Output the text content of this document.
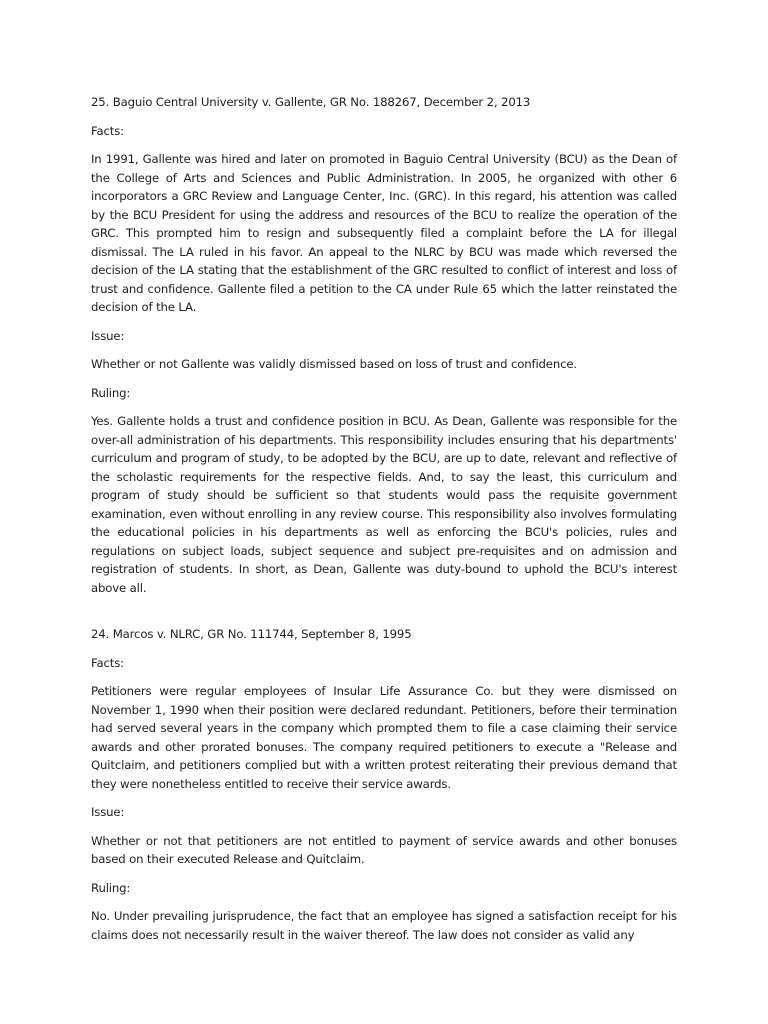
25. Baguio Central University v. Gallente, GR No. 188267, December 2, 2013

Facts:

In 1991, Gallente was hired and later on promoted in Baguio Central University (BCU) as the Dean of the College of Arts and Sciences and Public Administration. In 2005, he organized with other 6 incorporators a GRC Review and Language Center, Inc. (GRC). In this regard, his attention was called by the BCU President for using the address and resources of the BCU to realize the operation of the GRC. This prompted him to resign and subsequently filed a complaint before the LA for illegal dismissal. The LA ruled in his favor. An appeal to the NLRC by BCU was made which reversed the decision of the LA stating that the establishment of the GRC resulted to conflict of interest and loss of trust and confidence. Gallente filed a petition to the CA under Rule 65 which the latter reinstated the decision of the LA.

Issue:

Whether or not Gallente was validly dismissed based on loss of trust and confidence.

Ruling:

Yes. Gallente holds a trust and confidence position in BCU. As Dean, Gallente was responsible for the over-all administration of his departments. This responsibility includes ensuring that his departments' curriculum and program of study, to be adopted by the BCU, are up to date, relevant and reflective of the scholastic requirements for the respective fields. And, to say the least, this curriculum and program of study should be sufficient so that students would pass the requisite government examination, even without enrolling in any review course. This responsibility also involves formulating the educational policies in his departments as well as enforcing the BCU's policies, rules and regulations on subject loads, subject sequence and subject pre-requisites and on admission and registration of students. In short, as Dean, Gallente was duty-bound to uphold the BCU's interest above all.

24. Marcos v. NLRC, GR No. 111744, September 8, 1995

Facts:

Petitioners were regular employees of Insular Life Assurance Co. but they were dismissed on November 1, 1990 when their position were declared redundant. Petitioners, before their termination had served several years in the company which prompted them to file a case claiming their service awards and other prorated bonuses. The company required petitioners to execute a "Release and Quitclaim, and petitioners complied but with a written protest reiterating their previous demand that they were nonetheless entitled to receive their service awards.

Issue:

Whether or not that petitioners are not entitled to payment of service awards and other bonuses based on their executed Release and Quitclaim.

Ruling:

No. Under prevailing jurisprudence, the fact that an employee has signed a satisfaction receipt for his claims does not necessarily result in the waiver thereof. The law does not consider as valid any
